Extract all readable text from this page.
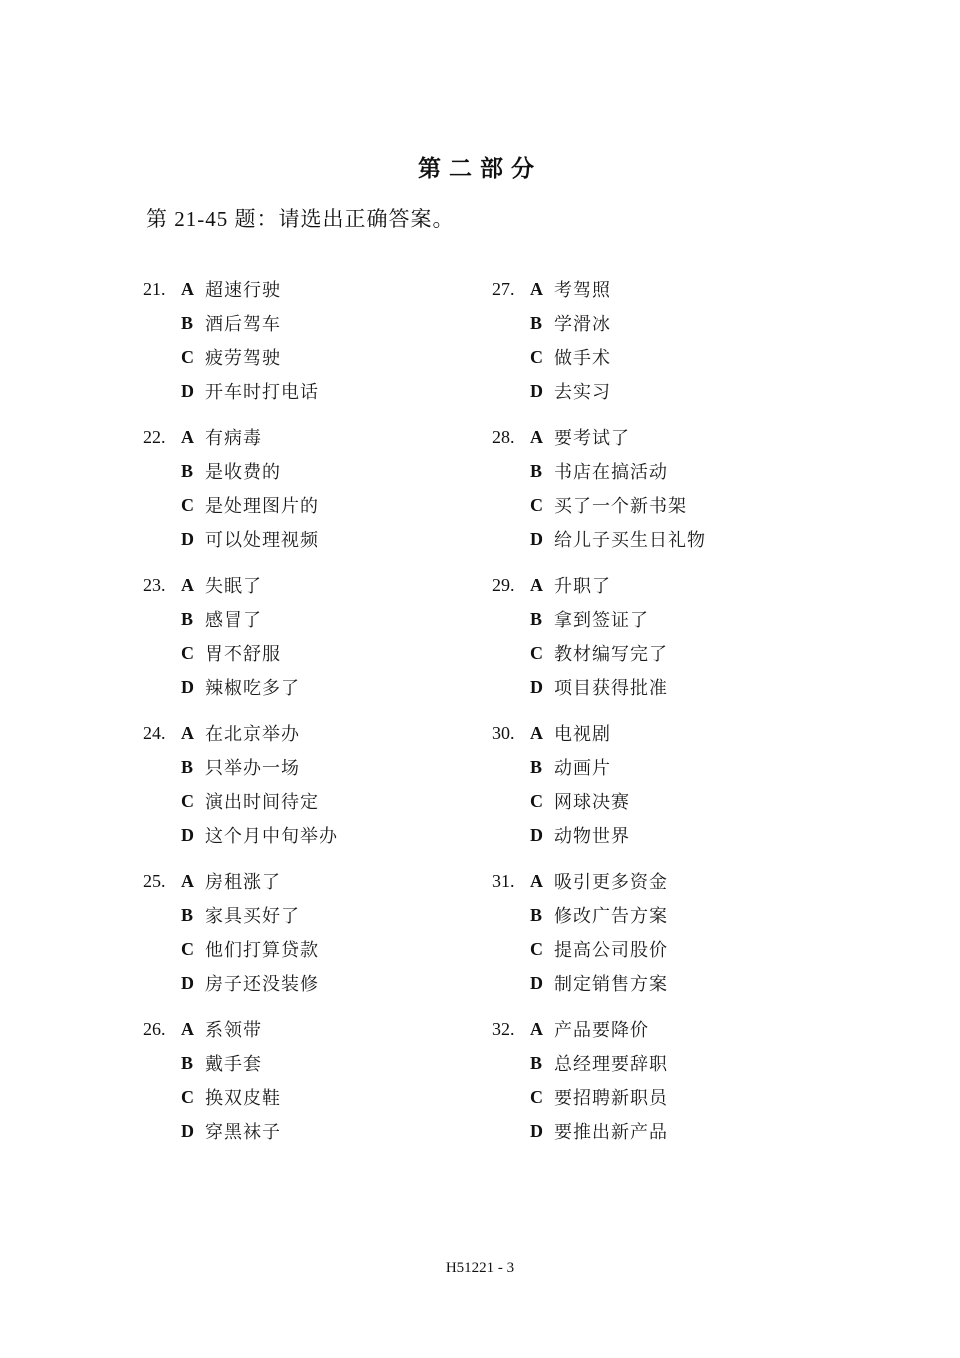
第二部分
第 21-45 题：请选出正确答案。
21. A 超速行驶
B 酒后驾车
C 疲劳驾驶
D 开车时打电话
22. A 有病毒
B 是收费的
C 是处理图片的
D 可以处理视频
23. A 失眠了
B 感冒了
C 胃不舒服
D 辣椒吃多了
24. A 在北京举办
B 只举办一场
C 演出时间待定
D 这个月中旬举办
25. A 房租涨了
B 家具买好了
C 他们打算贷款
D 房子还没装修
26. A 系领带
B 戴手套
C 换双皮鞋
D 穿黑袜子
27. A 考驾照
B 学滑冰
C 做手术
D 去实习
28. A 要考试了
B 书店在搞活动
C 买了一个新书架
D 给儿子买生日礼物
29. A 升职了
B 拿到签证了
C 教材编写完了
D 项目获得批准
30. A 电视剧
B 动画片
C 网球决赛
D 动物世界
31. A 吸引更多资金
B 修改广告方案
C 提高公司股价
D 制定销售方案
32. A 产品要降价
B 总经理要辞职
C 要招聘新职员
D 要推出新产品
H51221 - 3
